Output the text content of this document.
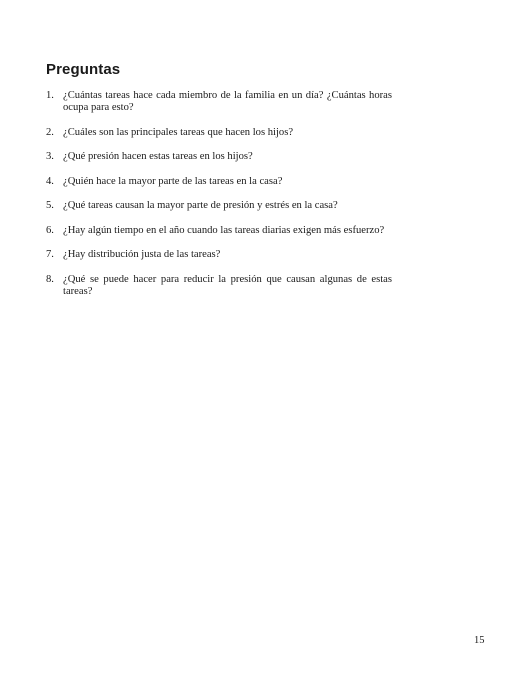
Preguntas
1. ¿Cuántas tareas hace cada miembro de la familia en un día? ¿Cuántas horas ocupa para esto?
2. ¿Cuáles son las principales tareas que hacen los hijos?
3. ¿Qué presión hacen estas tareas en los hijos?
4. ¿Quién hace la mayor parte de las tareas en la casa?
5. ¿Qué tareas causan la mayor parte de presión y estrés en la casa?
6. ¿Hay algún tiempo en el año cuando las tareas diarias exigen más esfuerzo?
7. ¿Hay distribución justa de las tareas?
8. ¿Qué se puede hacer para reducir la presión que causan algunas de estas tareas?
15
